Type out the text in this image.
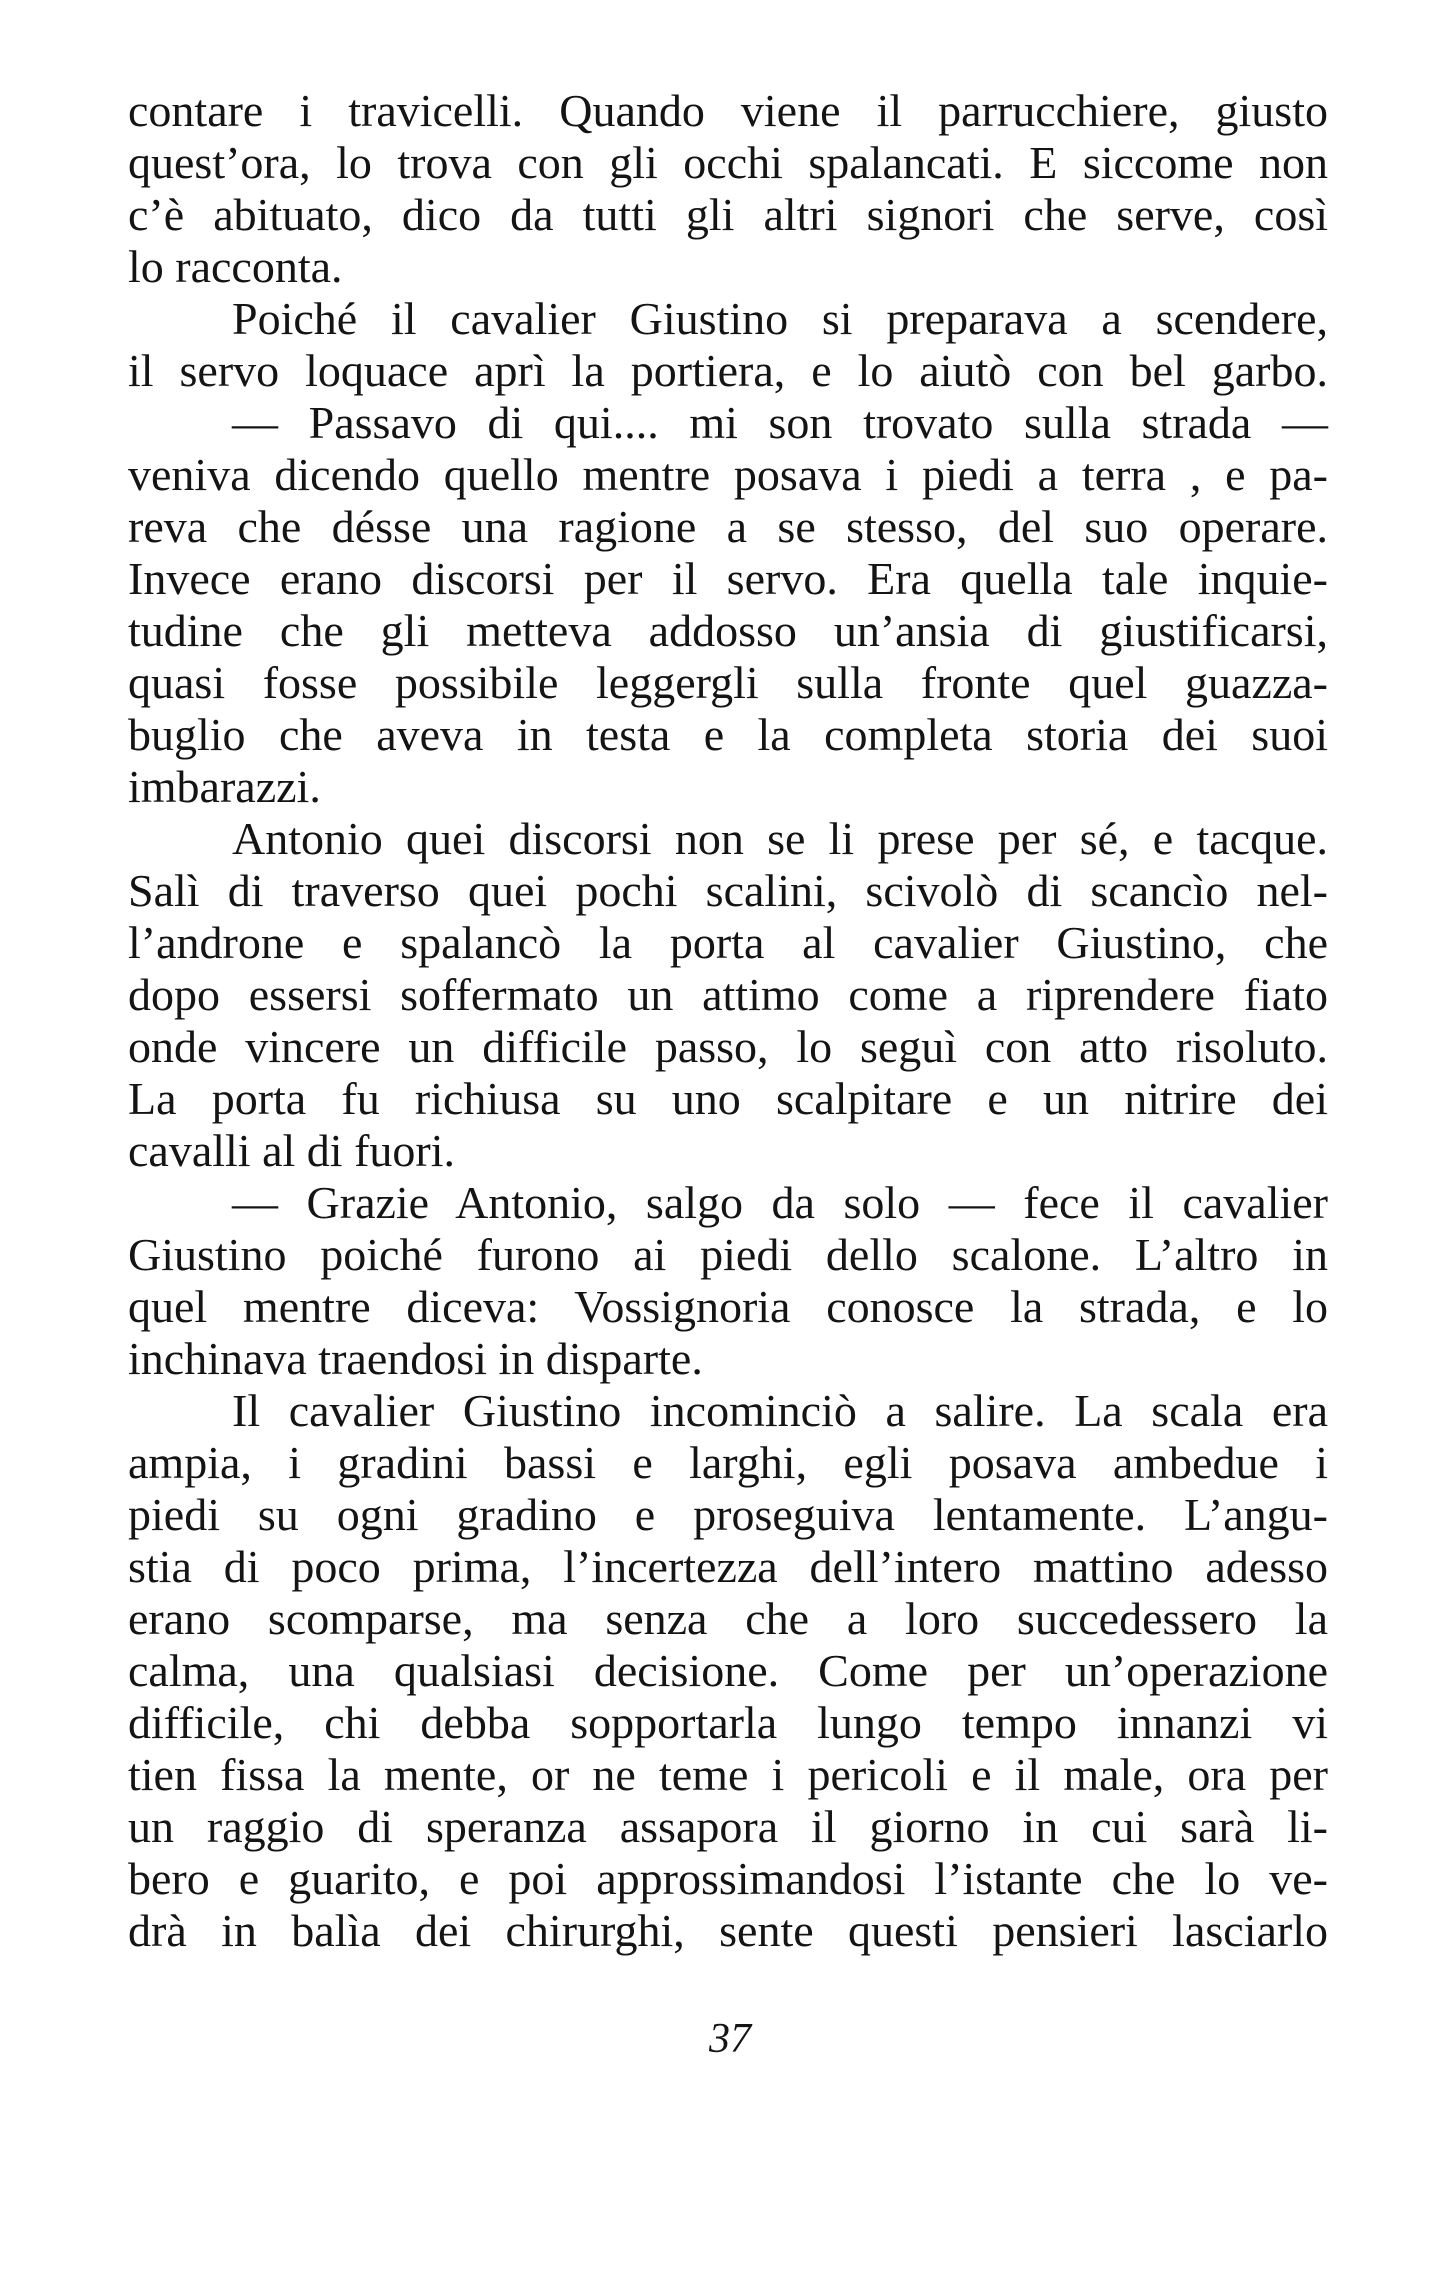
contare i travicelli. Quando viene il parrucchiere, giusto
quest’ora, lo trova con gli occhi spalancati. E siccome non
c’è abituato, dico da tutti gli altri signori che serve, così
lo racconta.
Poiché il cavalier Giustino si preparava a scendere,
il servo loquace aprì la portiera, e lo aiutò con bel garbo.
— Passavo di qui.... mi son trovato sulla strada —
veniva dicendo quello mentre posava i piedi a terra , e pa-
reva che désse una ragione a se stesso, del suo operare.
Invece erano discorsi per il servo. Era quella tale inquie-
tudine che gli metteva addosso un’ansia di giustificarsi,
quasi fosse possibile leggergli sulla fronte quel guazza-
buglio che aveva in testa e la completa storia dei suoi
imbarazzi.
Antonio quei discorsi non se li prese per sé, e tacque.
Salì di traverso quei pochi scalini, scivolò di scancìo nel-
l’androne e spalancò la porta al cavalier Giustino, che
dopo essersi soffermato un attimo come a riprendere fiato
onde vincere un difficile passo, lo seguì con atto risoluto.
La porta fu richiusa su uno scalpitare e un nitrire dei
cavalli al di fuori.
— Grazie Antonio, salgo da solo — fece il cavalier
Giustino poiché furono ai piedi dello scalone. L’altro in
quel mentre diceva: Vossignoria conosce la strada, e lo
inchinava traendosi in disparte.
Il cavalier Giustino incominciò a salire. La scala era
ampia, i gradini bassi e larghi, egli posava ambedue i
piedi su ogni gradino e proseguiva lentamente. L’angu-
stia di poco prima, l’incertezza dell’intero mattino adesso
erano scomparse, ma senza che a loro succedessero la
calma, una qualsiasi decisione. Come per un’operazione
difficile, chi debba sopportarla lungo tempo innanzi vi
tien fissa la mente, or ne teme i pericoli e il male, ora per
un raggio di speranza assapora il giorno in cui sarà li-
bero e guarito, e poi approssimandosi l’istante che lo ve-
drà in balìa dei chirurghi, sente questi pensieri lasciarlo
37
